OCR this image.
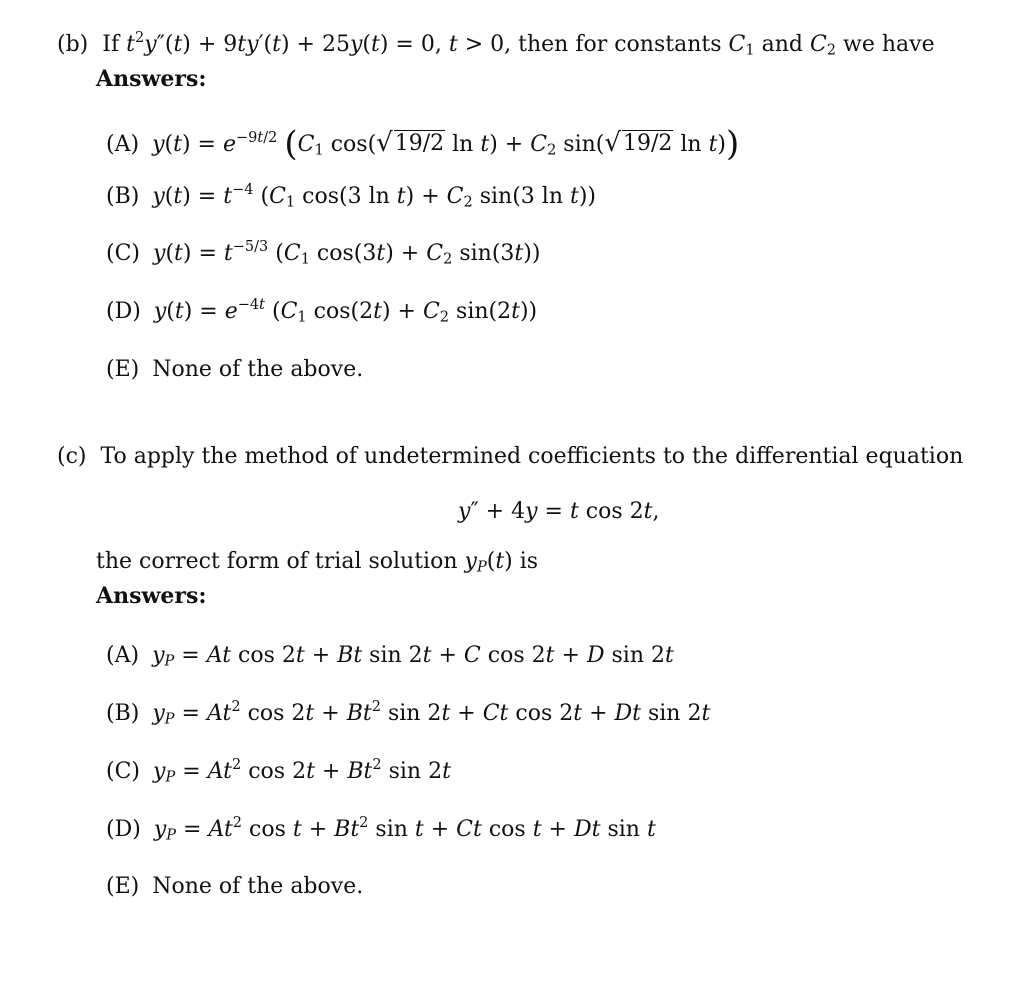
(b) If $t^2y''(t) + 9ty'(t) + 25y(t) = 0$, t > 0, then for constants $C_1$ and $C_2$ we have
Answers:
(A) $y(t) = e^{-9t/2}$ ($C_1$ cos( √ 19/2 $\ln t) + C_2$ sin( √ 19/2 ln t))
(B) $y(t) = t^{-4}$ ($C_1$ cos(3 $\ln t) + C_2$ sin(3 ln t))
(C) $y(t) = t^{-5/3}$ ($C_1$ $\cos(3t) + C_2$ sin(3t))
(D) $y(t) = e^{-4t}$ ($C_1$ $\cos(2t) + C_2$ sin(2t))
(E) None of the above.
(c) To apply the method of undetermined coefficients to the differential equation
y″ + 4y = t cos 2t,
the correct form of trial solution $y_P(t)$ is
Answers:
(A) $y_P = At$ cos 2t + Bt sin 2t + C cos 2t + D sin 2t
(B) $y_P = At^2$ $\cos 2t + Bt^2$ sin 2t + Ct cos 2t + Dt sin 2t
(C) $y_P = At^2$ $\cos 2t + Bt^2$ sin 2t
(D) $y_P = At^2$ $\cos t + Bt^2$ sin t + Ct cos t + Dt sin t
(E) None of the above.
